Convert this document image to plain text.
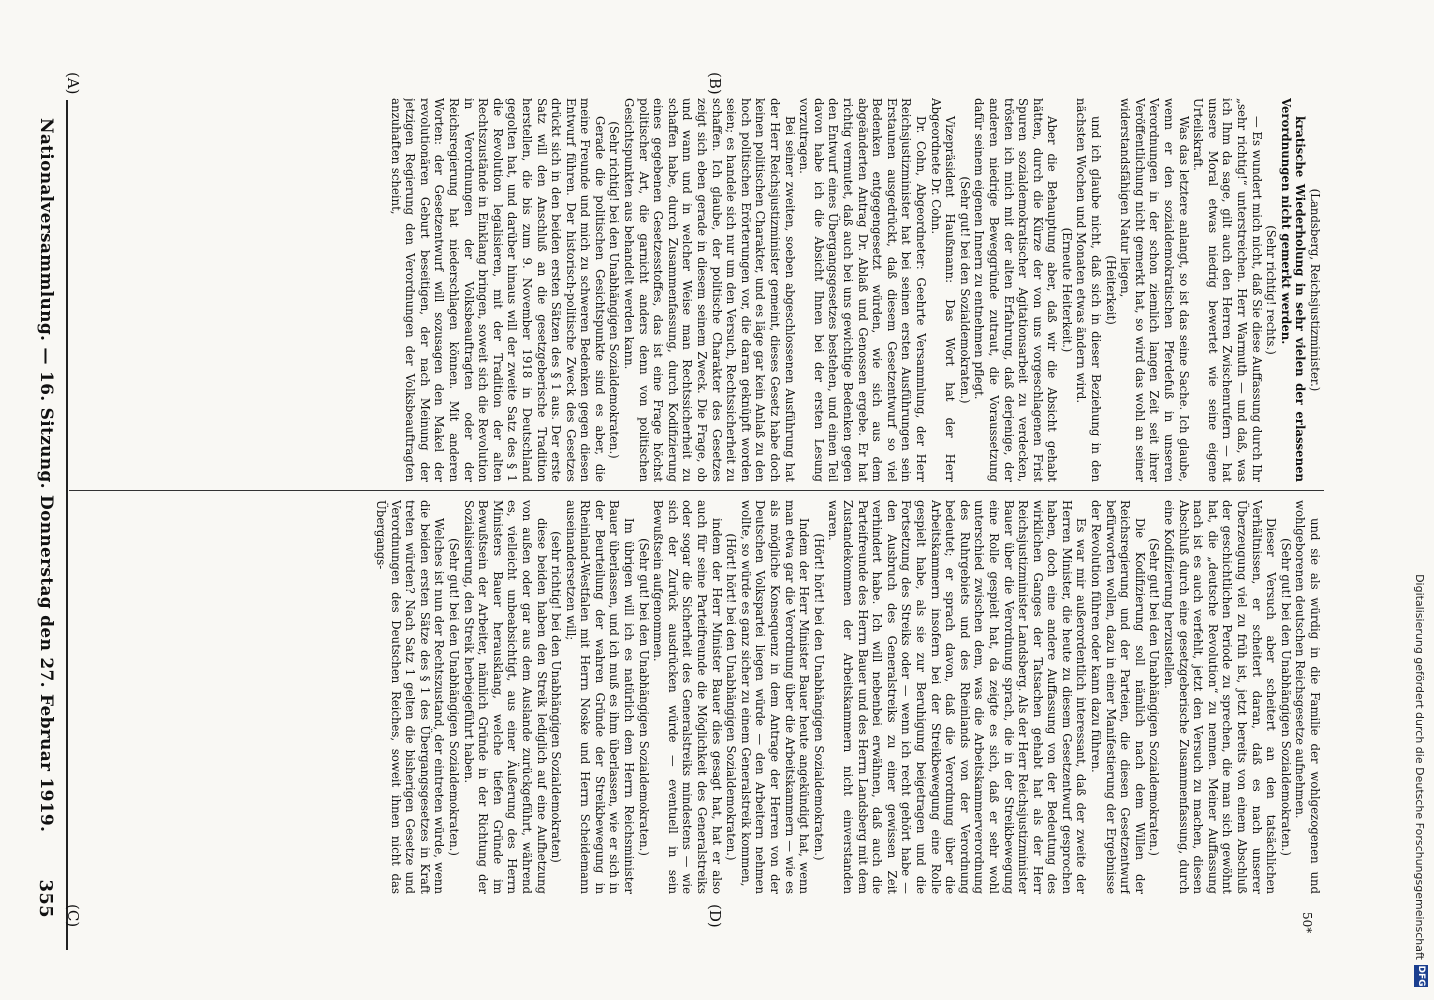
DFG
Digitalisierung gefördert durch die Deutsche Forschungsgemeinschaft
Nationalversammlung. — 16. Sitzung. Donnerstag den 27. Februar 1919.
355
(A)	(B)
(C)	(D)	50*

(Landsberg, Reichsjustizminister.)

kratische Wiederholung in sehr vielen der erlassenen Verordnungen nicht gemerkt werden.

(Sehr richtig! rechts.)

— Es wundert mich nicht, daß Sie diese Auffassung durch Ihr „sehr richtig!“ unterstreichen. Herr Warmuth — und daß, was ich Ihm da sage, gilt auch den Herren Zwischenrufern — hat unsere Moral etwas niedrig bewertet wie seine eigene Urteilskraft.

Was das letztere anlangt, so ist das seine Sache. Ich glaube, wenn er den sozialdemokratischen Pferdefuß in unseren Verordnungen in der schon ziemlich langen Zeit seit ihrer Veröffentlichung nicht gemerkt hat, so wird das wohl an seiner widerstandsfähigen Natur liegen,

(Heiterkeit)

und ich glaube nicht, daß sich in dieser Beziehung in den nächsten Wochen und Monaten etwas ändern wird.

(Erneute Heiterkeit.)

Aber die Behauptung aber, daß wir die Absicht gehabt hätten, durch die Kürze der von uns vorgeschlagenen Frist Spuren sozialdemokratischer Agitationsarbeit zu verdecken, trösten ich mich mit der alten Erfahrung, daß derjenige, der anderen niedrige Beweggründe zutraut, die Voraussetzung dafür seinem eigenen Innern zu entnehmen pflegt.

(Sehr gut! bei den Sozialdemokraten.)

Vizepräsident Haußmann: Das Wort hat der Herr Abgeordnete Dr. Cohn.

Dr. Cohn, Abgeordneter: Geehrte Versammlung, der Herr Reichsjustizminister hat bei seinen ersten Ausführungen sein Erstaunen ausgedrückt, daß diesem Gesetzentwurf so viel Bedenken entgegengesetzt würden, wie sich aus dem abgeänderten Antrag Dr. Ablaß und Genossen ergebe. Er hat richtig vermutet, daß auch bei uns gewichtige Bedenken gegen den Entwurf eines Übergangsgesetzes bestehen, und einen Teil davon habe ich die Absicht Ihnen bei der ersten Lesung vorzutragen.

Bei seiner zweiten, soeben abgeschlossenen Ausführung hat der Herr Reichsjustizminister gemeint, dieses Gesetz habe doch keinen politischen Charakter, und es läge gar kein Anlaß zu den hoch politischen Erörterungen vor, die daran geknüpft worden seien; es handele sich nur um den Versuch, Rechtssicherheit zu schaffen. Ich glaube, der politische Charakter des Gesetzes zeigt sich eben gerade in diesem seinem Zweck. Die Frage, ob und wann und in welcher Weise man Rechtssicherheit zu schaffen habe, durch Zusammenfassung, durch Kodifizierung eines gegebenen Gesetzesstoffes, das ist eine Frage höchst politischer Art, die garnicht anders denn von politischen Gesichtspunkten aus behandelt werden kann.

(Sehr richtig! bei den Unabhängigen Sozialdemokraten.)

Gerade die politischen Gesichtspunkte sind es aber, die meine Freunde und mich zu schweren Bedenken gegen diesen Entwurf führen. Der historisch-politische Zweck des Gesetzes drückt sich in den beiden ersten Sätzen des § 1 aus. Der erste Satz will den Anschluß an die gesetzgeberische Tradition herstellen, die bis zum 9. November 1918 in Deutschland gegolten hat, und darüber hinaus will der zweite Satz des § 1 die Revolution legalisieren, mit der Tradition der alten Rechtszustände in Einklang bringen, soweit sich die Revolution in Verordnungen der Volksbeauftragten oder der Reichsregierung hat niederschlagen können. Mit anderen Worten: der Gesetzentwurf will sozusagen den Makel der revolutionären Geburt beseitigen, der nach Meinung der jetzigen Regierung den Verordnungen der Volksbeauftragten anzuhaften scheint,

und sie als würdig in die Familie der wohlgezogenen und wohlgeborenen deutschen Reichsgesetze aufnehmen.

(Sehr gut! bei den Unabhängigen Sozialdemokraten.)

Dieser Versuch aber scheitert an den tatsächlichen Verhältnissen, er scheitert daran, daß es nach unserer Überzeugung viel zu früh ist, jetzt bereits von einem Abschluß der geschichtlichen Periode zu sprechen, die man sich gewöhnt hat, die „deutsche Revolution“ zu nennen. Meiner Auffassung nach ist es auch verfehlt, jetzt den Versuch zu machen, diesen Abschluß durch eine gesetzgeberische Zusammenfassung, durch eine Kodifizierung herzustellen.

(Sehr gut! bei den Unabhängigen Sozialdemokraten.)

Die Kodifizierung soll nämlich nach dem Willen der Reichsregierung und der Parteien, die diesen Gesetzentwurf befürworten wollen, dazu in einer Manifestierung der Ergebnisse der Revolution führen oder kann dazu führen.

Es war mir außerordentlich interessant, daß der zweite der Herren Minister, die heute zu diesem Gesetzentwurf gesprochen haben, doch eine andere Auffassung von der Bedeutung des wirklichen Ganges der Tatsachen gehabt hat als der Herr Reichsjustizminister Landsberg. Als der Herr Reichsjustizminister Bauer über die Verordnung sprach, die in der Streikbewegung eine Rolle gespielt hat, da zeigte es sich, daß er sehr wohl unterschied zwischen dem, was die Arbeitskammerverordnung des Ruhrgebiets und des Rheinlands von der Verordnung bedeutet; er sprach davon, daß die Verordnung über die Arbeitskammern insofern bei der Streikbewegung eine Rolle gespielt habe, als sie zur Beruhigung beigetragen und die Fortsetzung des Streiks oder — wenn ich recht gehört habe — den Ausbruch des Generalstreiks zu einer gewissen Zeit verhindert habe. Ich will nebenbei erwähnen, daß auch die Parteifreunde des Herrn Bauer und des Herrn Landsberg mit dem Zustandekommen der Arbeitskammern nicht einverstanden waren.

(Hört! hört! bei den Unabhängigen Sozialdemokraten.)

Indem der Herr Minister Bauer heute angekündigt hat, wenn man etwa gar die Verordnung über die Arbeitskammern — wie es als mögliche Konsequenz in dem Antrage der Herren von der Deutschen Volkspartei liegen würde — den Arbeitern nehmen wollte, so würde es ganz sicher zu einem Generalstreik kommen,

(Hört! hört! bei den Unabhängigen Sozialdemokraten.)

indem der Herr Minister Bauer dies gesagt hat, hat er also auch für seine Parteifreunde die Möglichkeit des Generalstreiks oder sogar die Sicherheit des Generalstreiks mindestens — wie sich der Zurück ausdrücken würde — eventuell in sein Bewußtsein aufgenommen.

(Sehr gut! bei den Unabhängigen Sozialdemokraten.)

Im übrigen will ich es natürlich dem Herrn Reichsminister Bauer überlassen, und ich muß es ihm überlassen, wie er sich in der Beurteilung der wahren Gründe der Streikbewegung in Rheinland-Westfalen mit Herrn Noske und Herrn Scheidemann auseinandersetzen will;

(sehr richtig! bei den Unabhängigen Sozialdemokraten)

diese beiden haben den Streik lediglich auf eine Aufhetzung von außen oder gar aus dem Auslande zurückgeführt, während es, vielleicht unbeabsichtigt, aus einer Äußerung des Herrn Ministers Bauer herausklang, welche tiefen Gründe im Bewußtsein der Arbeiter, nämlich Gründe in der Richtung der Sozialisierung, den Streik herbeigeführt haben.

(Sehr gut! bei den Unabhängigen Sozialdemokraten.)

Welches ist nun der Rechtszustand, der eintreten würde, wenn die beiden ersten Sätze des § 1 des Übergangsgesetzes in Kraft treten würden? Nach Satz 1 gelten die bisherigen Gesetze und Verordnungen des Deutschen Reiches, soweit ihnen nicht das Übergangs-
